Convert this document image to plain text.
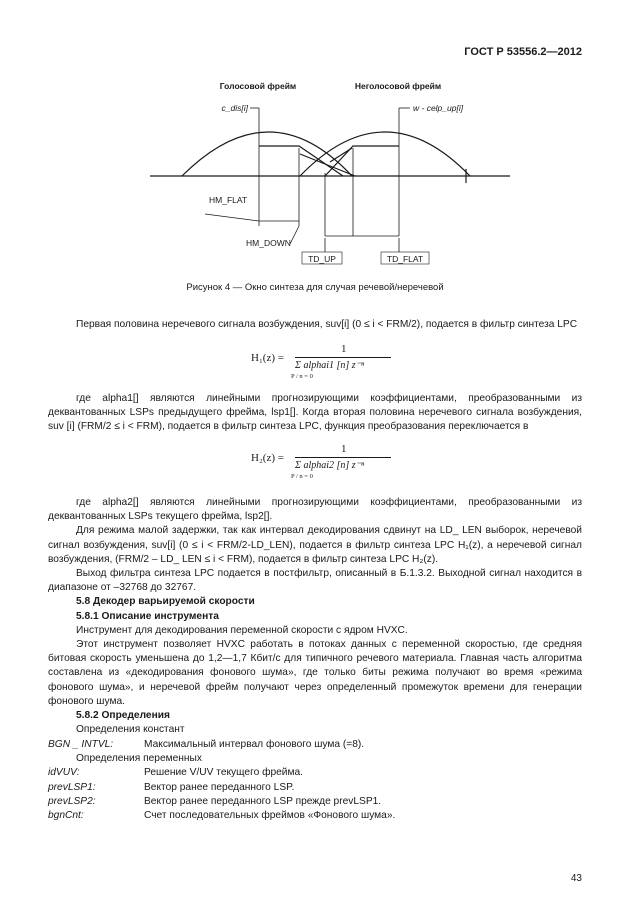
ГОСТ Р 53556.2—2012
Голосовой фрейм	Неголосовой фрейм
c_dis[i]	w - celp_up[i]
HM_FLAT
HM_DOWN
TD_UP	TD_FLAT
Рисунок 4 — Окно синтеза для случая речевой/неречевой

Первая половина неречевого сигнала возбуждения, suv[i] (0 ≤ i < FRM/2), подается в фильтр синтеза LPC

H₁(z) =
1
Σ alphai1 [n] z⁻ⁿ
P / n = 0

где alpha1[] являются линейными прогнозирующими коэффициентами, преобразованными из деквантованных LSPs предыдущего фрейма, lsp1[]. Когда вторая половина неречевого сигнала возбуждения, suv [i] (FRM/2 ≤ i < FRM), подается в фильтр синтеза LPC, функция преобразования переключается в

H₂(z) =
1
Σ alphai2 [n] z⁻ⁿ
P / n = 0

где alpha2[] являются линейными прогнозирующими коэффициентами, преобразованными из деквантованных LSPs текущего фрейма, lsp2[].

Для режима малой задержки, так как интервал декодирования сдвинут на LD_ LEN выборок, неречевой сигнал возбуждения, suv[i] (0 ≤ i < FRM/2-LD_LEN), подается в фильтр синтеза LPC H₁(z), а неречевой сигнал возбуждения, (FRM/2 – LD_ LEN ≤ i < FRM), подается в фильтр синтеза LPC H₂(z).

Выход фильтра синтеза LPC подается в постфильтр, описанный в Б.1.3.2. Выходной сигнал находится в диапазоне от –32768 до 32767.

5.8 Декодер варьируемой скорости

5.8.1 Описание инструмента

Инструмент для декодирования переменной скорости с ядром HVXC.

Этот инструмент позволяет HVXC работать в потоках данных с переменной скоростью, где средняя битовая скорость уменьшена до 1,2—1,7 Кбит/с для типичного речевого материала. Главная часть алгоритма составлена из «декодирования фонового шума», где только биты режима получают во время «режима фонового шума», и неречевой фрейм получают через определенный промежуток времени для генерации фонового шума.

5.8.2 Определения

Определения констант

BGN _ INTVL:	Максимальный интервал фонового шума (=8).
Определения переменных
idVUV:	Решение V/UV текущего фрейма.
prevLSP1:	Вектор ранее переданного LSP.
prevLSP2:	Вектор ранее переданного LSP прежде prevLSP1.
bgnCnt:	Счет последовательных фреймов «Фонового шума».
43
